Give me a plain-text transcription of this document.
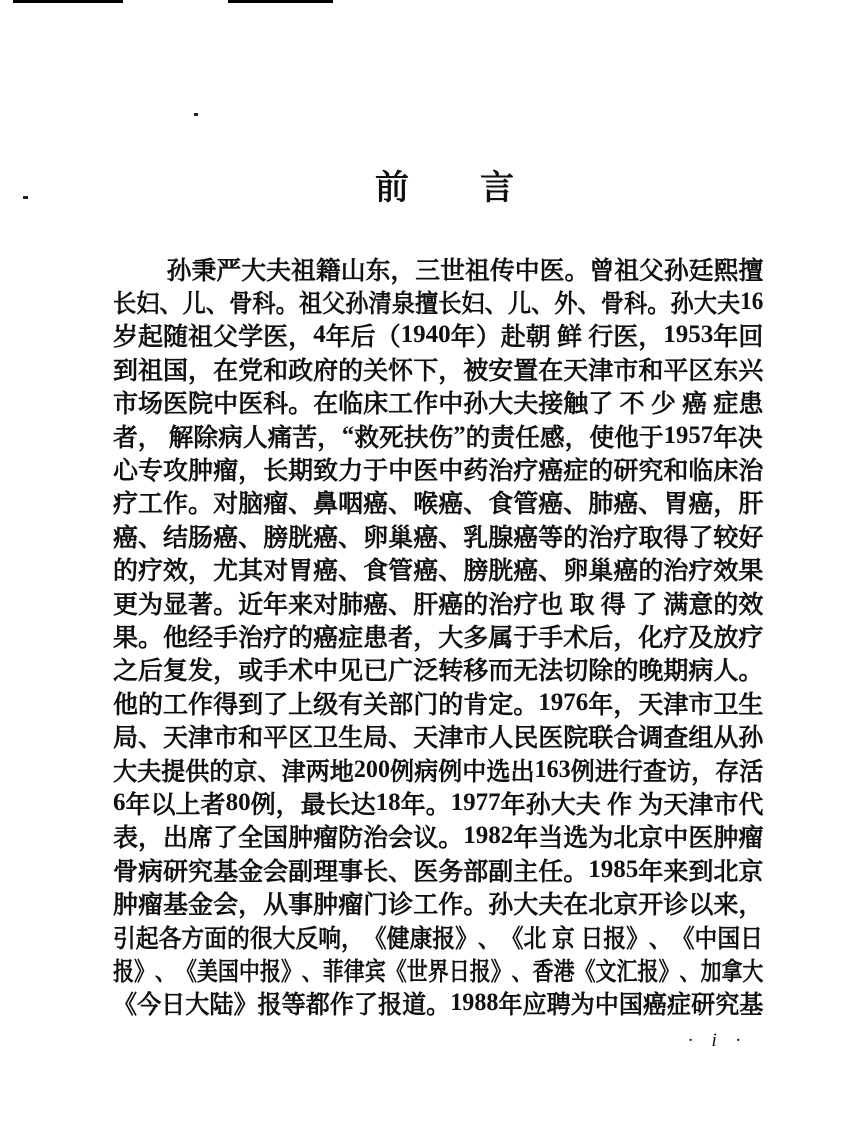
前　　言
孙 秉 严 大 夫 祖 籍 山 东 ， 三 世 祖 传 中 医 。 曾 祖 父 孙 廷 熙 擅
长 妇 、 儿 、 骨 科 。 祖 父 孙 清 泉 擅 长 妇 、 儿 、 外 、 骨 科 。 孙 大 夫 1 6
岁 起 随 祖 父 学 医 ， 4 年 后 （ 1 9 4 0 年 ） 赴 朝
鲜
行 医 ， 1 9 5 3 年 回
到 祖 国 ， 在 党 和 政 府 的 关 怀 下 ， 被 安 置 在 天 津 市 和 平 区 东 兴
市 场 医 院 中 医 科 。 在 临 床 工 作 中 孙 大 夫 接 触 了
不
少
癌
症 患
者 ，
解 除 病 人 痛 苦 ， “ 救 死 扶 伤 ” 的 责 任 感 ， 使 他 于 1 9 5 7 年 决
心 专 攻 肿 瘤 ， 长 期 致 力 于 中 医 中 药 治 疗 癌 症 的 研 究 和 临 床 治
疗 工 作 。 对 脑 瘤 、 鼻 咽 癌 、 喉 癌 、 食 管 癌 、 肺 癌 、 胃 癌 ， 肝
癌 、 结 肠 癌 、 膀 胱 癌 、 卵 巢 癌 、 乳 腺 癌 等 的 治 疗 取 得 了 较 好
的 疗 效 ， 尤 其 对 胃 癌 、 食 管 癌 、 膀 胱 癌 、 卵 巢 癌 的 治 疗 效 果
更 为 显 著 。 近 年 来 对 肺 癌 、 肝 癌 的 治 疗 也
取
得
了
满 意 的 效
果 。 他 经 手 治 疗 的 癌 症 患 者 ， 大 多 属 于 手 术 后 ， 化 疗 及 放 疗
之 后 复 发 ， 或 手 术 中 见 已 广 泛 转 移 而 无 法 切 除 的 晚 期 病 人 。
他 的 工 作 得 到 了 上 级 有 关 部 门 的 肯 定 。 1 9 7 6 年 ， 天 津 市 卫 生
局 、 天 津 市 和 平 区 卫 生 局 、 天 津 市 人 民 医 院 联 合 调 查 组 从 孙
大 夫 提 供 的 京 、 津 两 地 2 0 0 例 病 例 中 选 出 1 6 3 例 进 行 查 访 ， 存 活
6 年 以 上 者 8 0 例 ， 最 长 达 1 8 年 。 1 9 7 7 年 孙 大 夫
作
为 天 津 市 代
表 ， 出 席 了 全 国 肿 瘤 防 治 会 议 。 1 9 8 2 年 当 选 为 北 京 中 医 肿 瘤
骨 病 研 究 基 金 会 副 理 事 长 、 医 务 部 副 主 任 。 1 9 8 5 年 来 到 北 京
肿 瘤 基 金 会 ， 从 事 肿 瘤 门 诊 工 作 。 孙 大 夫 在 北 京 开 诊 以 来 ，
引 起 各 方 面 的 很 大 反 响 ， 《 健 康 报 》 、 《 北
京
日 报 》 、 《 中 国 日
报 》 、 《 美 国 中 报 》 、 菲 律 宾 《 世 界 日 报 》 、 香 港 《 文 汇 报 》 、 加 拿 大
《 今 日 大 陆 》 报 等 都 作 了 报 道 。 1 9 8 8 年 应 聘 为 中 国 癌 症 研 究 基
· i ·
